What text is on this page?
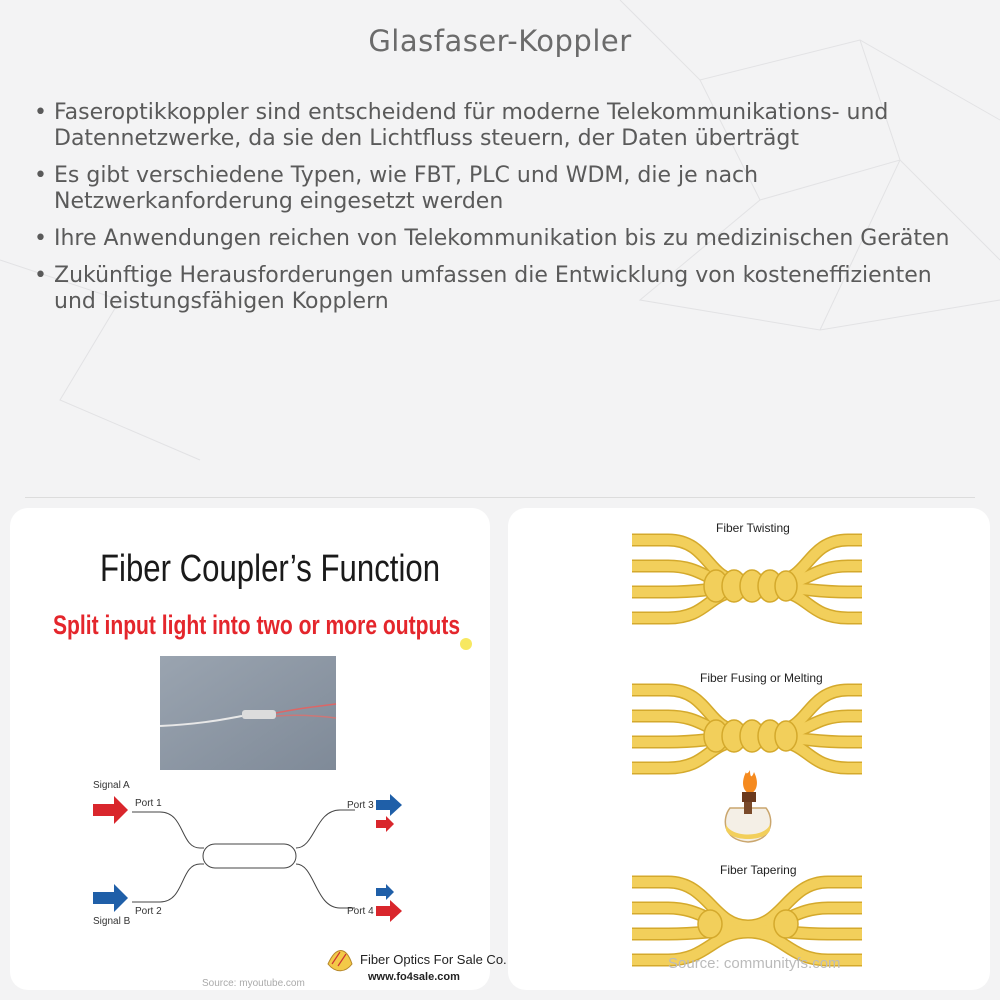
Glasfaser-Koppler
• Faseroptikkoppler sind entscheidend für moderne Telekommunikations- und Datennetzwerke, da sie den Lichtfluss steuern, der Daten überträgt
• Es gibt verschiedene Typen, wie FBT, PLC und WDM, die je nach Netzwerkanforderung eingesetzt werden
• Ihre Anwendungen reichen von Telekommunikation bis zu medizinischen Geräten
• Zukünftige Herausforderungen umfassen die Entwicklung von kosteneffizienten und leistungsfähigen Kopplern
Fiber Coupler’s Function
Split input light into two or more outputs
Signal A
Port 1
Signal B
Port 2
Port 3
Port 4
Source: myoutube.com
Fiber Optics For Sale Co.
www.fo4sale.com
Fiber Twisting
Fiber Fusing or Melting
Fiber Tapering
Source: communityfs.com
